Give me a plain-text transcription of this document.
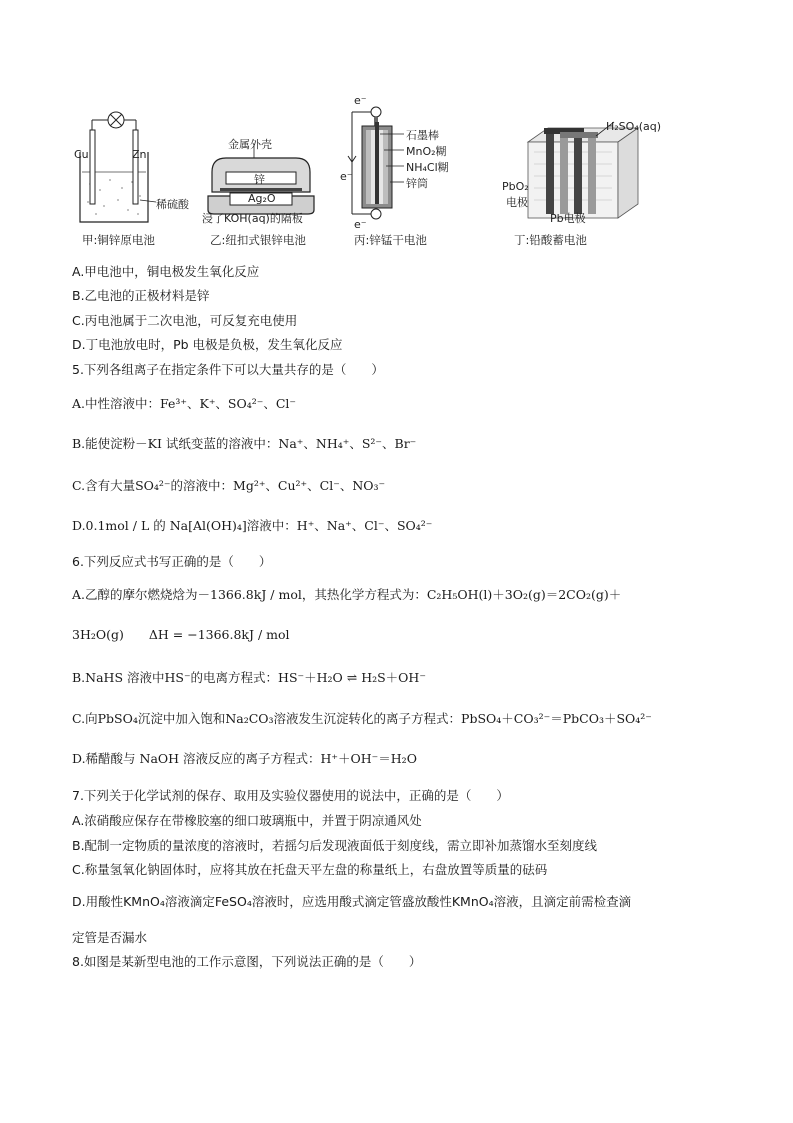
Cu	Zn
稀硫酸
甲:铜锌原电池
金属外壳
锌
Ag₂O
浸了KOH(aq)的隔板
乙:纽扣式银锌电池
e⁻
e⁻
e⁻
石墨棒
MnO₂糊
NH₄Cl糊
锌筒
丙:锌锰干电池
H₂SO₄(aq)
PbO₂
电极
Pb电极
丁:铅酸蓄电池
A.甲电池中，铜电极发生氧化反应
B.乙电池的正极材料是锌
C.丙电池属于二次电池，可反复充电使用
D.丁电池放电时，Pb 电极是负极，发生氧化反应
5.下列各组离子在指定条件下可以大量共存的是（　　）
A.中性溶液中：Fe³⁺、K⁺、SO₄²⁻、Cl⁻
B.能使淀粉－KI 试纸变蓝的溶液中：Na⁺、NH₄⁺、S²⁻、Br⁻
C.含有大量SO₄²⁻的溶液中：Mg²⁺、Cu²⁺、Cl⁻、NO₃⁻
D.0.1mol / L 的 Na[Al(OH)₄]溶液中：H⁺、Na⁺、Cl⁻、SO₄²⁻
6.下列反应式书写正确的是（　　）
A.乙醇的摩尔燃烧焓为－1366.8kJ / mol，其热化学方程式为：C₂H₅OH(l)＋3O₂(g)＝2CO₂(g)＋
3H₂O(g)　　ΔH = −1366.8kJ / mol
B.NaHS 溶液中HS⁻的电离方程式：HS⁻＋H₂O ⇌ H₂S＋OH⁻
C.向PbSO₄沉淀中加入饱和Na₂CO₃溶液发生沉淀转化的离子方程式：PbSO₄＋CO₃²⁻＝PbCO₃＋SO₄²⁻
D.稀醋酸与 NaOH 溶液反应的离子方程式：H⁺＋OH⁻＝H₂O
7.下列关于化学试剂的保存、取用及实验仪器使用的说法中，正确的是（　　）
A.浓硝酸应保存在带橡胶塞的细口玻璃瓶中，并置于阴凉通风处
B.配制一定物质的量浓度的溶液时，若摇匀后发现液面低于刻度线，需立即补加蒸馏水至刻度线
C.称量氢氧化钠固体时，应将其放在托盘天平左盘的称量纸上，右盘放置等质量的砝码
D.用酸性KMnO₄溶液滴定FeSO₄溶液时，应选用酸式滴定管盛放酸性KMnO₄溶液，且滴定前需检查滴
定管是否漏水
8.如图是某新型电池的工作示意图，下列说法正确的是（　　）
